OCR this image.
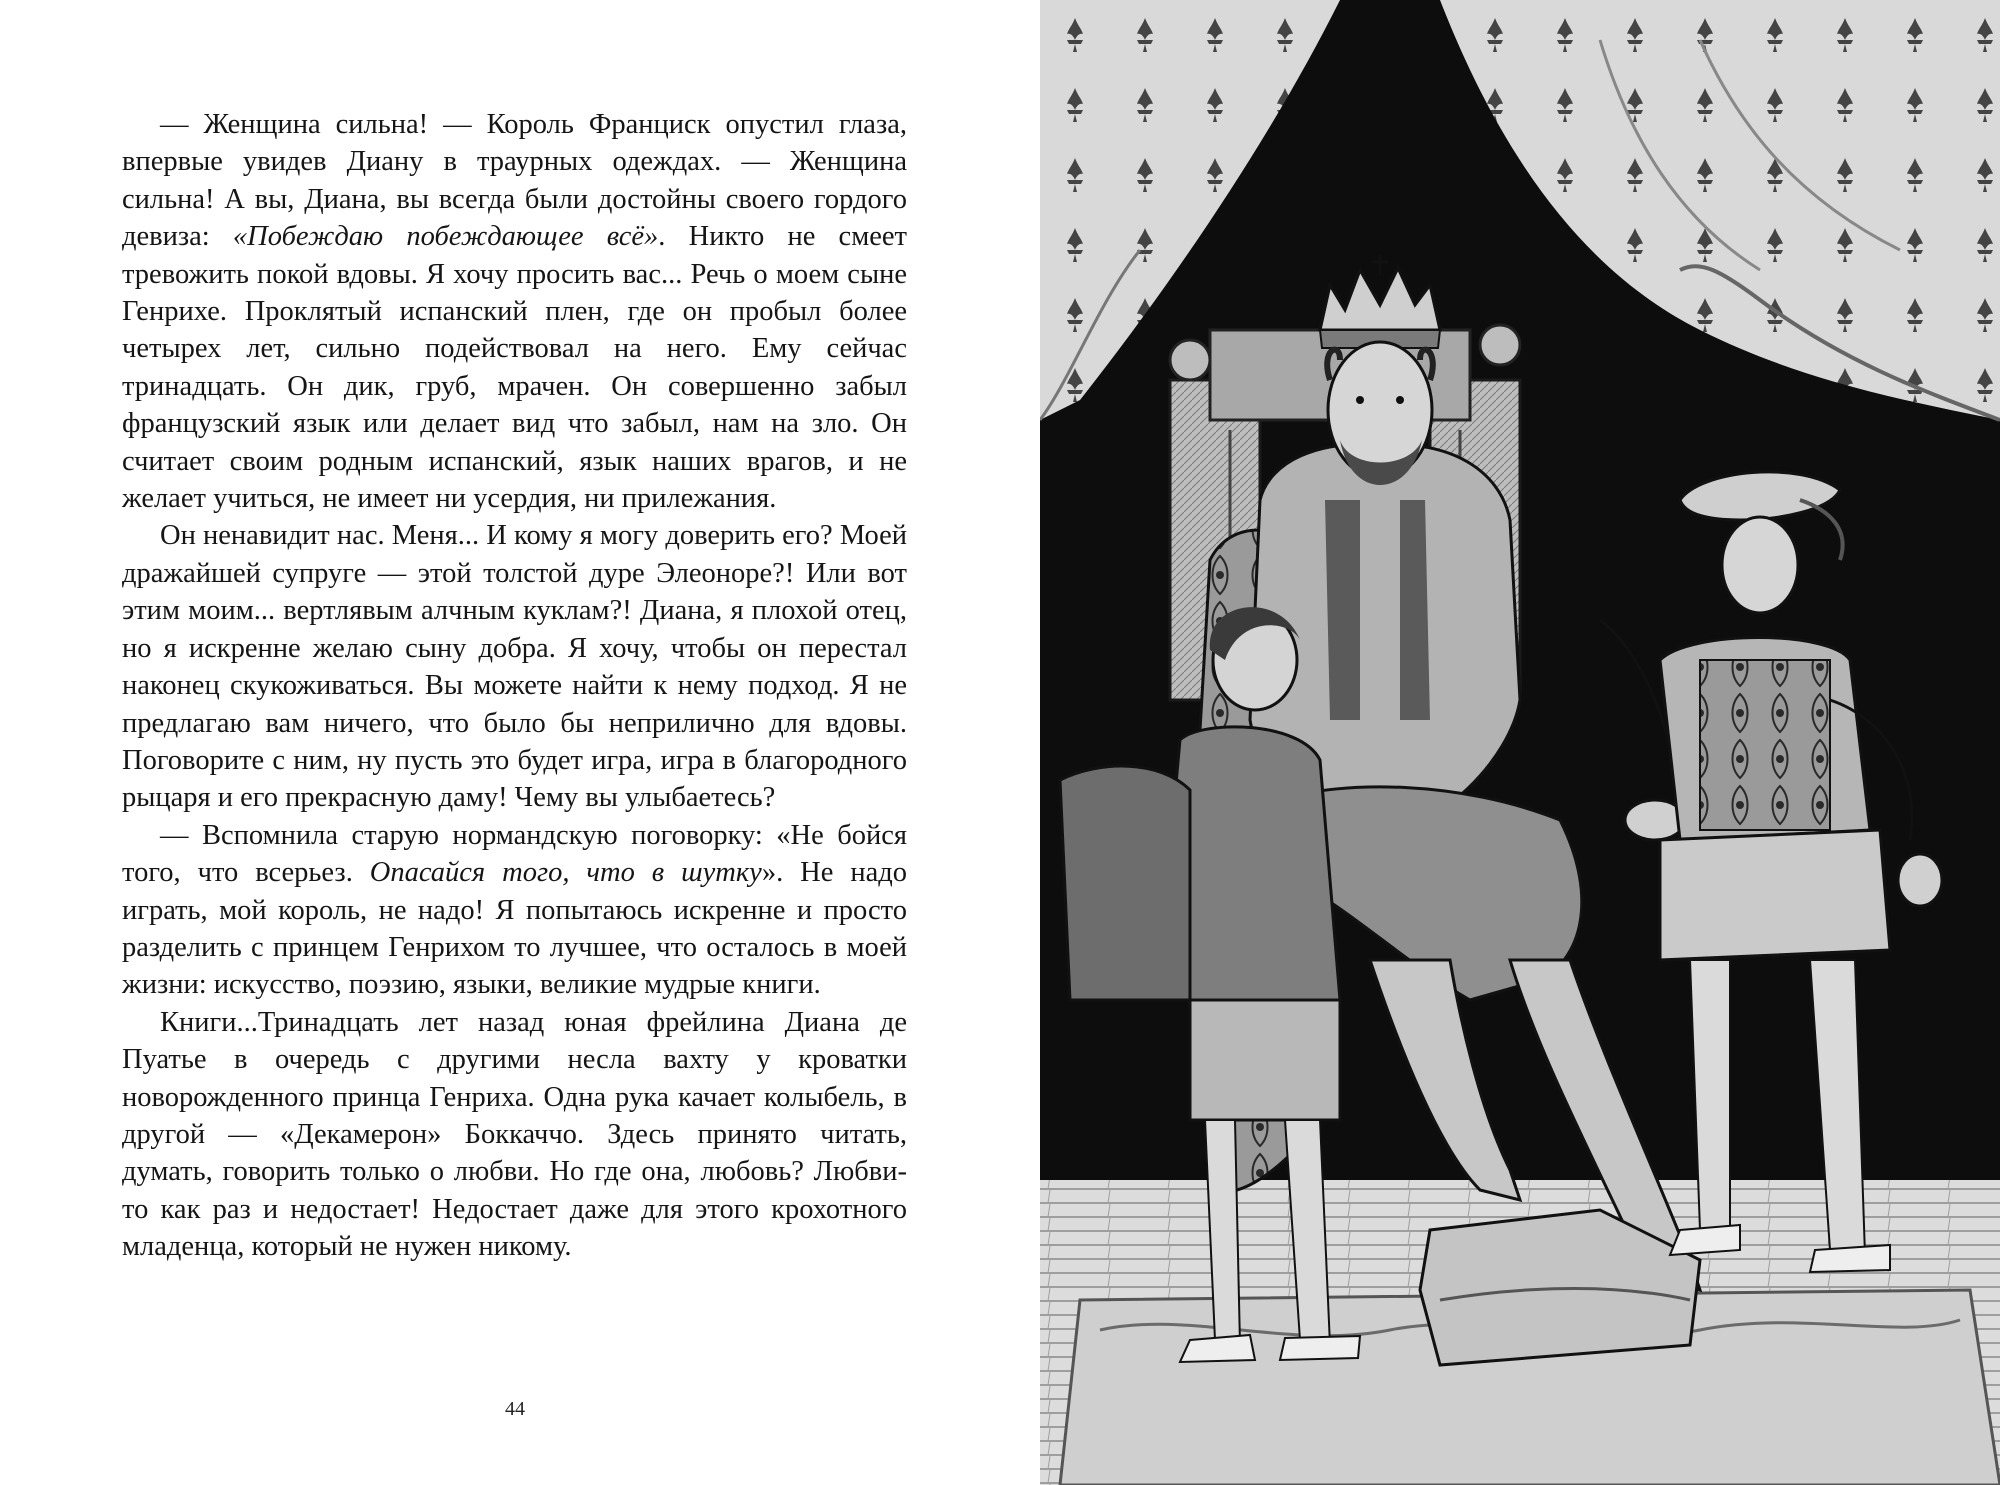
— Женщина сильна! — Король Франциск опустил глаза, впервые увидев Диану в траурных одеждах. — Женщина сильна! А вы, Диана, вы всегда были достойны своего гордого девиза: «Побеждаю побеждающее всё». Никто не смеет тревожить покой вдовы. Я хочу просить вас... Речь о моем сыне Генрихе. Проклятый испанский плен, где он пробыл более четырех лет, сильно подействовал на него. Ему сейчас тринадцать. Он дик, груб, мрачен. Он совершенно забыл французский язык или делает вид что забыл, нам на зло. Он считает своим родным испанский, язык наших врагов, и не желает учиться, не имеет ни усердия, ни прилежания.

Он ненавидит нас. Меня... И кому я могу доверить его? Моей дражайшей супруге — этой толстой дуре Элеоноре?! Или вот этим моим... вертлявым алчным куклам?! Диана, я плохой отец, но я искренне желаю сыну добра. Я хочу, чтобы он перестал наконец скукоживаться. Вы можете найти к нему подход. Я не предлагаю вам ничего, что было бы неприлично для вдовы. Поговорите с ним, ну пусть это будет игра, игра в благородного рыцаря и его прекрасную даму! Чему вы улыбаетесь?

— Вспомнила старую нормандскую поговорку: «Не бойся того, что всерьез. Опасайся того, что в шутку». Не надо играть, мой король, не надо! Я попытаюсь искренне и просто разделить с принцем Генрихом то лучшее, что осталось в моей жизни: искусство, поэзию, языки, великие мудрые книги.

Книги...Тринадцать лет назад юная фрейлина Диана де Пуатье в очередь с другими несла вахту у кроватки новорожденного принца Генриха. Одна рука качает колыбель, в другой — «Декамерон» Боккаччо. Здесь принято читать, думать, говорить только о любви. Но где она, любовь? Любви-то как раз и недостает! Недостает даже для этого крохотного младенца, который не нужен никому.

44
